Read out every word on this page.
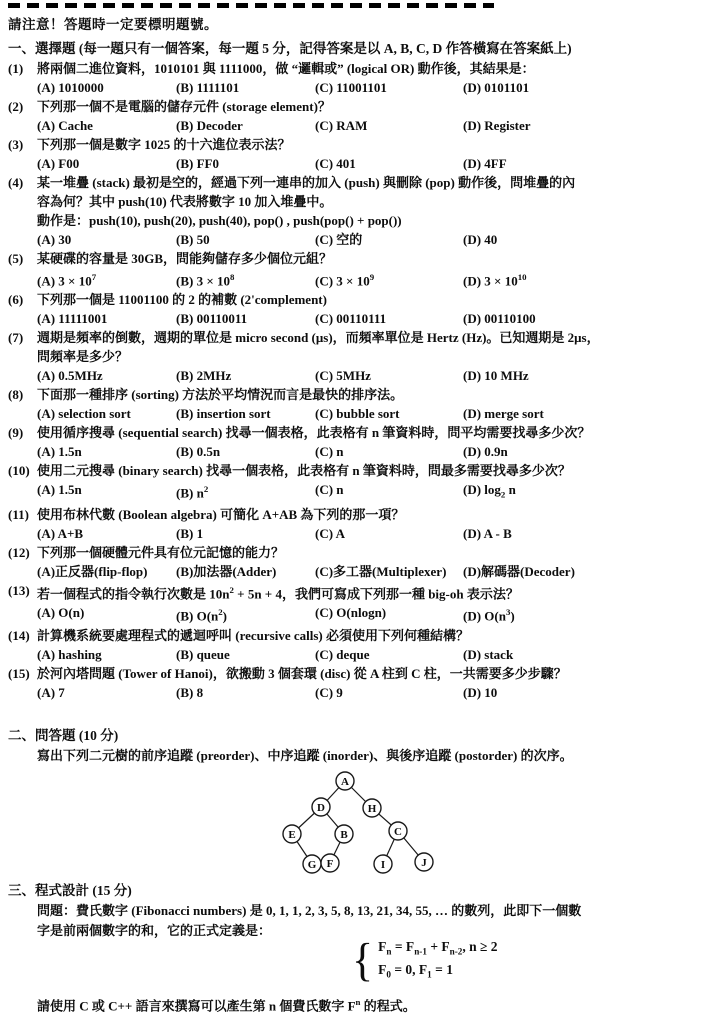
請注意！答題時一定要標明題號。
一、選擇題 (每一題只有一個答案，每一題 5 分，記得答案是以 A, B, C, D 作答橫寫在答案紙上)
(1)	將兩個二進位資料，1010101 與 1111000，做 “邏輯或” (logical OR) 動作後，其結果是：
(A) 1010000	(B) 1111101	(C) 11001101	(D) 0101101
(2)	下列那一個不是電腦的儲存元件 (storage element)？
(A) Cache	(B) Decoder	(C) RAM	(D) Register
(3)	下列那一個是數字 1025 的十六進位表示法？
(A) F00	(B) FF0	(C) 401	(D) 4FF
(4)	某一堆疊 (stack) 最初是空的，經過下列一連串的加入 (push) 與刪除 (pop) 動作後，問堆疊的內
容為何？其中 push(10) 代表將數字 10 加入堆疊中。
動作是：push(10), push(20), push(40), pop() , push(pop() + pop())
(A) 30	(B) 50	(C) 空的	(D) 40
(5)	某硬碟的容量是 30GB，問能夠儲存多少個位元組？
(A) $3 \times 10^7$	(B) $3 \times 10^8$	(C) $3 \times 10^9$	(D) $3 \times 10^{10}$
(6)	下列那一個是 11001100 的 2 的補數 (2'complement)
(A) 11111001	(B) 00110011	(C) 00110111	(D) 00110100
(7)	週期是頻率的倒數，週期的單位是 micro second (μs)，而頻率單位是 Hertz (Hz)。已知週期是 2μs，
問頻率是多少？
(A) 0.5MHz	(B) 2MHz	(C) 5MHz	(D) 10 MHz
(8)	下面那一種排序 (sorting) 方法於平均情況而言是最快的排序法。
(A) selection sort	(B) insertion sort	(C) bubble sort	(D) merge sort
(9)	使用循序搜尋 (sequential search) 找尋一個表格，此表格有 n 筆資料時，問平均需要找尋多少次？
(A) 1.5n	(B) 0.5n	(C) n	(D) 0.9n
(10) 使用二元搜尋 (binary search) 找尋一個表格，此表格有 n 筆資料時，問最多需要找尋多少次？
(A) 1.5n	(B) $n^2$	(C) n	(D) $\log_2 n$
(11) 使用布林代數 (Boolean algebra) 可簡化 A+AB 為下列的那一項？
(A) A+B	(B) 1	(C) A	(D) A - B
(12) 下列那一個硬體元件具有位元記憶的能力？
(A)正反器(flip-flop)	(B)加法器(Adder)	(C)多工器(Multiplexer)	(D)解碼器(Decoder)
(13) 若一個程式的指令執行次數是 $10n^2 + 5n + 4$，我們可寫成下列那一種 big-oh 表示法？
(A) O(n)	(B) $O(n^2)$	(C) O(nlogn)	(D) $O(n^3)$
(14) 計算機系統要處理程式的遞迴呼叫 (recursive calls) 必須使用下列何種結構？
(A) hashing	(B) queue	(C) deque	(D) stack
(15) 於河內塔問題 (Tower of Hanoi)，欲搬動 3 個套環 (disc) 從 A 柱到 C 柱，一共需要多少步驟？
(A) 7	(B) 8	(C) 9	(D) 10
二、問答題 (10 分)
寫出下列二元樹的前序追蹤 (preorder)、中序追蹤 (inorder)、與後序追蹤 (postorder) 的次序。
A
D	H
E	B	C
G F	I	J
三、程式設計 (15 分)
問題：費氏數字 (Fibonacci numbers) 是 0, 1, 1, 2, 3, 5, 8, 13, 21, 34, 55, … 的數列，此即下一個數
字是前兩個數字的和，它的正式定義是：
{ $F_n = F_{n-1} + F_{n-2}$, n ≥ 2
$F_0 = 0$, $F_1 = 1$
請使用 C 或 C++ 語言來撰寫可以產生第 n 個費氏數字 $F^n$ 的程式。
